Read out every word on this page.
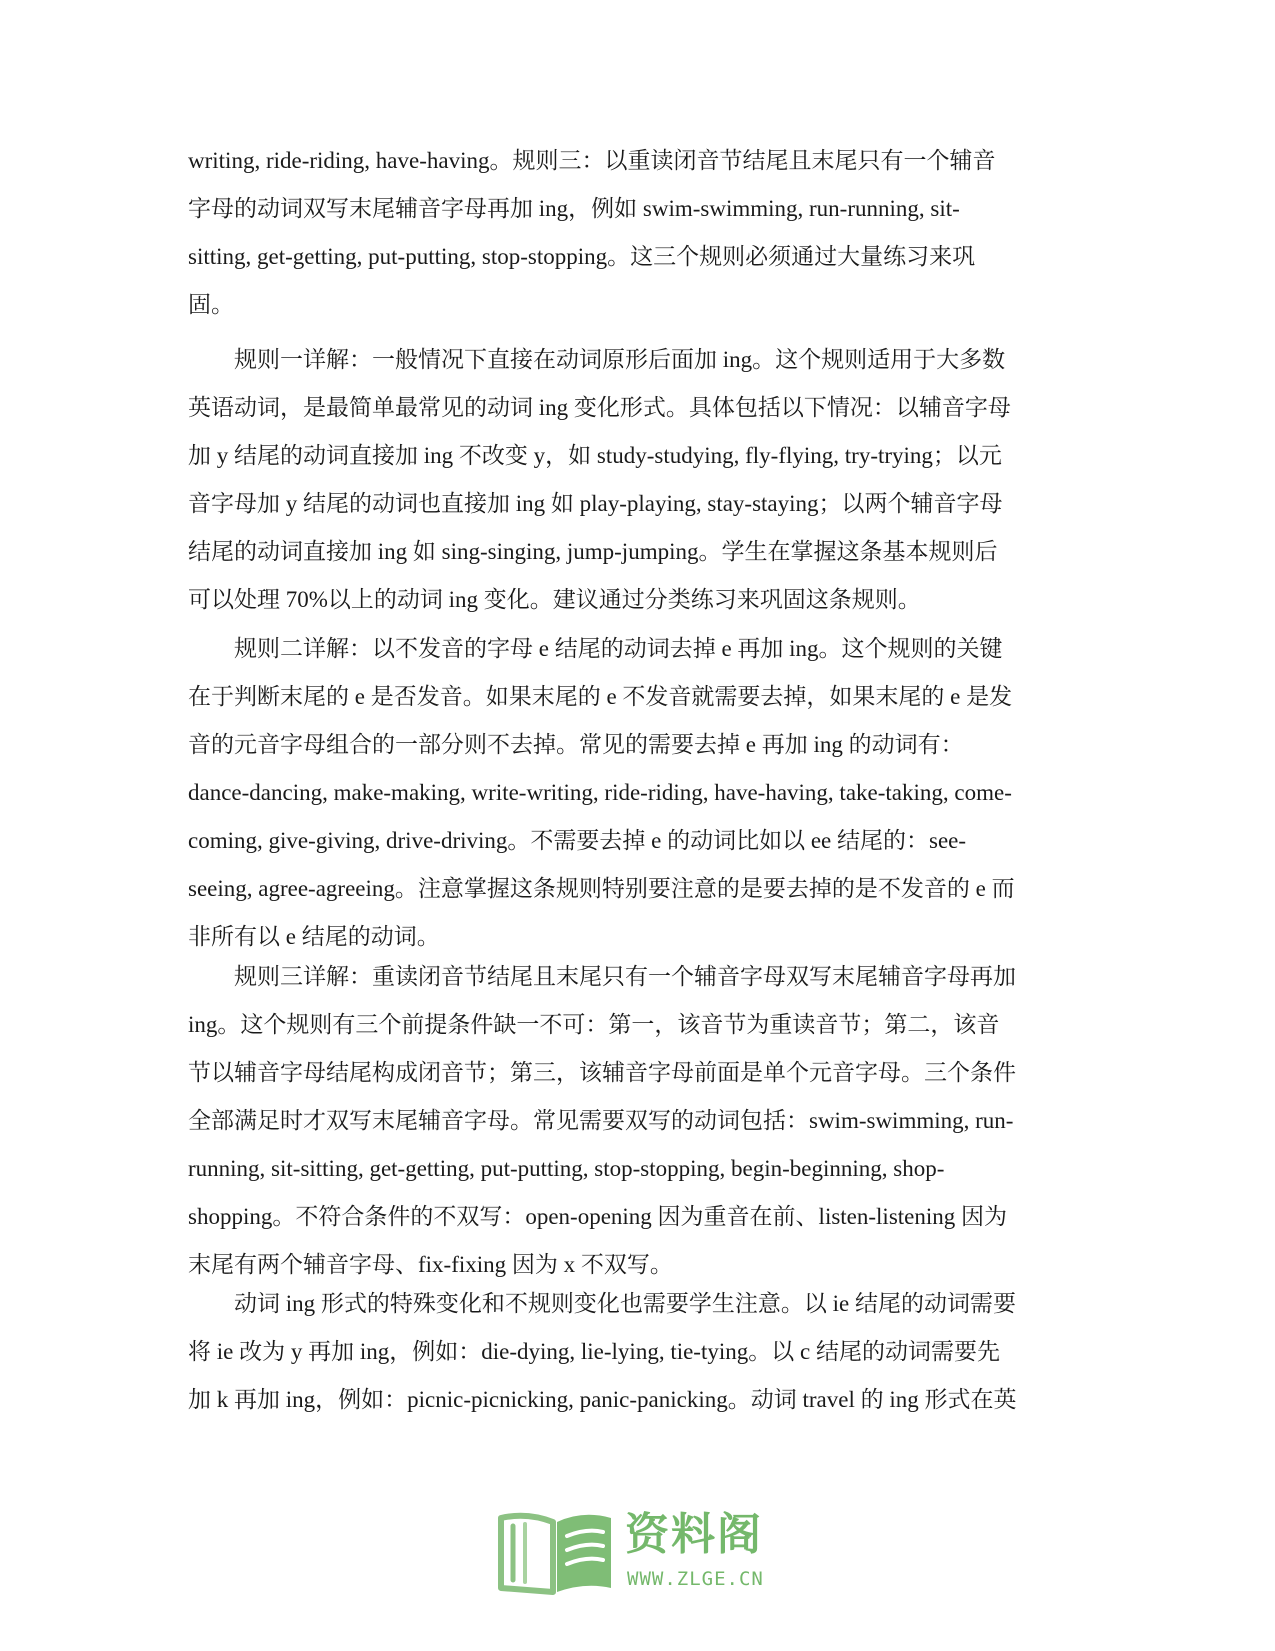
writing, ride-riding, have-having。规则三：以重读闭音节结尾且末尾只有一个辅音
字母的动词双写末尾辅音字母再加 ing，例如 swim-swimming, run-running, sit-
sitting, get-getting, put-putting, stop-stopping。这三个规则必须通过大量练习来巩
固。
　　规则一详解：一般情况下直接在动词原形后面加 ing。这个规则适用于大多数
英语动词，是最简单最常见的动词 ing 变化形式。具体包括以下情况：以辅音字母
加 y 结尾的动词直接加 ing 不改变 y，如 study-studying, fly-flying, try-trying；以元
音字母加 y 结尾的动词也直接加 ing 如 play-playing, stay-staying；以两个辅音字母
结尾的动词直接加 ing 如 sing-singing, jump-jumping。学生在掌握这条基本规则后
可以处理 70%以上的动词 ing 变化。建议通过分类练习来巩固这条规则。
　　规则二详解：以不发音的字母 e 结尾的动词去掉 e 再加 ing。这个规则的关键
在于判断末尾的 e 是否发音。如果末尾的 e 不发音就需要去掉，如果末尾的 e 是发
音的元音字母组合的一部分则不去掉。常见的需要去掉 e 再加 ing 的动词有：
dance-dancing, make-making, write-writing, ride-riding, have-having, take-taking, come-
coming, give-giving, drive-driving。不需要去掉 e 的动词比如以 ee 结尾的：see-
seeing, agree-agreeing。注意掌握这条规则特别要注意的是要去掉的是不发音的 e 而
非所有以 e 结尾的动词。
　　规则三详解：重读闭音节结尾且末尾只有一个辅音字母双写末尾辅音字母再加
ing。这个规则有三个前提条件缺一不可：第一，该音节为重读音节；第二，该音
节以辅音字母结尾构成闭音节；第三，该辅音字母前面是单个元音字母。三个条件
全部满足时才双写末尾辅音字母。常见需要双写的动词包括：swim-swimming, run-
running, sit-sitting, get-getting, put-putting, stop-stopping, begin-beginning, shop-
shopping。不符合条件的不双写：open-opening 因为重音在前、listen-listening 因为
末尾有两个辅音字母、fix-fixing 因为 x 不双写。
　　动词 ing 形式的特殊变化和不规则变化也需要学生注意。以 ie 结尾的动词需要
将 ie 改为 y 再加 ing，例如：die-dying, lie-lying, tie-tying。以 c 结尾的动词需要先
加 k 再加 ing，例如：picnic-picnicking, panic-panicking。动词 travel 的 ing 形式在英
资料阁
WWW.ZLGE.CN
